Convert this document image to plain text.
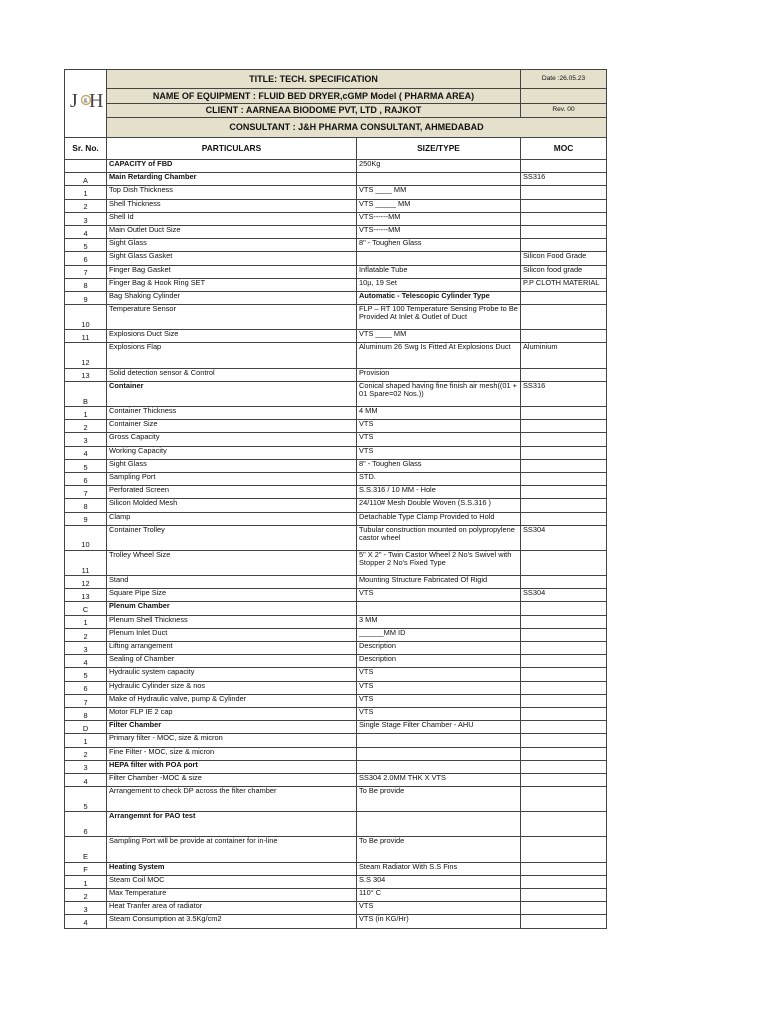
J H
&	TITLE: TECH. SPECIFICATION		Date :26.05.23
	NAME OF EQUIPMENT : FLUID BED DRYER,cGMP Model ( PHARMA AREA)		
	CLIENT : AARNEAA BIODOME PVT, LTD , RAJKOT		Rev. 00
	CONSULTANT : J&H PHARMA CONSULTANT, AHMEDABAD		
Sr. No.	PARTICULARS	SIZE/TYPE	MOC
	CAPACITY of FBD	250Kg	
A	Main Retarding Chamber		SS316
1	Top Dish Thickness	VTS ____ MM	
2	Shell Thickness	VTS _____ MM	
3	Shell Id	VTS------MM	
4	Main Outlet Duct Size	VTS------MM	
5	Sight Glass	8" - Toughen Glass	
6	Sight Glass Gasket		Silicon Food Grade
7	Finger Bag Gasket	Inflatable Tube	Silicon food grade
8	Finger Bag & Hook Ring SET	10µ, 19 Set	P.P CLOTH MATERIAL
9	Bag Shaking Cylinder	Automatic - Telescopic Cylinder Type	
10	Temperature Sensor	FLP – RT 100 Temperature Sensing Probe to Be Provided At Inlet & Outlet of Duct	
11	Explosions Duct Size	VTS ____ MM	
12	Explosions Flap	Aluminum 26 Swg Is Fitted At Explosions Duct	Aluminium
13	Solid detection sensor & Control	Provision	
B	Container	Conical shaped having fine finish air mesh((01 + 01 Spare=02 Nos.))	SS316
1	Container Thickness	4 MM	
2	Container Size	VTS	
3	Gross Capacity	VTS	
4	Working Capacity	VTS	
5	Sight Glass	8" - Toughen Glass	
6	Sampling Port	STD.	
7	Perforated Screen	S.S.316 / 10 MM - Hole	
8	Silicon Molded Mesh	24/110# Mesh Double Woven (S.S.316 )	
9	Clamp	Detachable Type Clamp Provided to Hold	
10	Container Trolley	Tubular construction mounted on polypropylene castor wheel	SS304
11	Trolley Wheel Size	5" X 2" - Twin Castor Wheel 2 No's Swivel with Stopper 2 No's Fixed Type	
12	Stand	Mounting Structure Fabricated Of Rigid	
13	Square Pipe Size	VTS	SS304
C	Plenum Chamber		
1	Plenum Shell Thickness	3 MM	
2	Plenum Inlet Duct	______MM ID	
3	Lifting arrangement	Description	
4	Sealing of Chamber	Description	
5	Hydraulic system capacity	VTS	
6	Hydraulic Cylinder size & nos	VTS	
7	Make of Hydraulic valve, pump & Cylinder	VTS	
8	Motor FLP IE 2 cap	VTS	
D	Filter Chamber	Single Stage Filter Chamber - AHU	
1	Primary filter - MOC, size & micron		
2	Fine Filter - MOC, size & micron		
3	HEPA filter with POA port		
4	Filter Chamber -MOC & size	SS304 2.0MM THK X VTS	
5	Arrangement to check DP across the filter chamber	To Be provide	
6	Arrangemnt for PAO test		
E	Sampling Port will be provide at container for in-line	To Be provide	
F	Heating System	Steam Radiator With S.S Fins	
1	Steam Coil MOC	S.S 304	
2	Max Temperature	110° C	
3	Heat Tranfer area of radiator	VTS	
4	Steam Consumption at 3.5Kg/cm2	VTS (in KG/Hr)	
